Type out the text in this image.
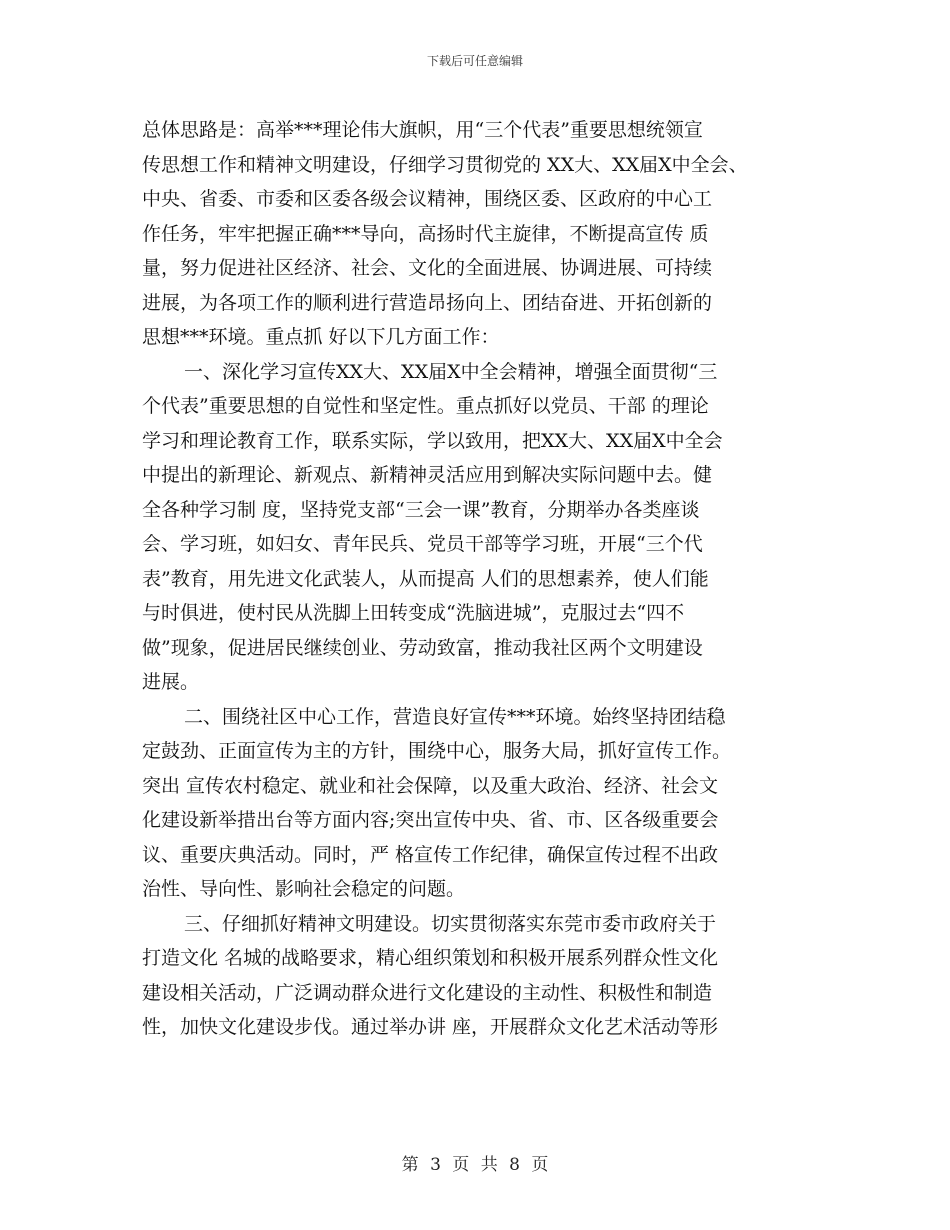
下载后可任意编辑
总体思路是：高举***理论伟大旗帜，用“三个代表”重要思想统领宣
传思想工作和精神文明建设，仔细学习贯彻党的 XX大、XX届X中全会、
中央、省委、市委和区委各级会议精神，围绕区委、区政府的中心工
作任务，牢牢把握正确***导向，高扬时代主旋律，不断提高宣传 质
量，努力促进社区经济、社会、文化的全面进展、协调进展、可持续
进展，为各项工作的顺利进行营造昂扬向上、团结奋进、开拓创新的
思想***环境。重点抓 好以下几方面工作：
一、深化学习宣传XX大、XX届X中全会精神，增强全面贯彻“三
个代表”重要思想的自觉性和坚定性。重点抓好以党员、干部 的理论
学习和理论教育工作，联系实际，学以致用，把XX大、XX届X中全会
中提出的新理论、新观点、新精神灵活应用到解决实际问题中去。健
全各种学习制 度，坚持党支部“三会一课”教育，分期举办各类座谈
会、学习班，如妇女、青年民兵、党员干部等学习班，开展“三个代
表”教育，用先进文化武装人，从而提高 人们的思想素养，使人们能
与时俱进，使村民从洗脚上田转变成“洗脑进城”，克服过去“四不
做”现象，促进居民继续创业、劳动致富，推动我社区两个文明建设
进展。
二、围绕社区中心工作，营造良好宣传***环境。始终坚持团结稳
定鼓劲、正面宣传为主的方针，围绕中心，服务大局，抓好宣传工作。
突出 宣传农村稳定、就业和社会保障，以及重大政治、经济、社会文
化建设新举措出台等方面内容;突出宣传中央、省、市、区各级重要会
议、重要庆典活动。同时，严 格宣传工作纪律，确保宣传过程不出政
治性、导向性、影响社会稳定的问题。
三、仔细抓好精神文明建设。切实贯彻落实东莞市委市政府关于
打造文化 名城的战略要求，精心组织策划和积极开展系列群众性文化
建设相关活动，广泛调动群众进行文化建设的主动性、积极性和制造
性，加快文化建设步伐。通过举办讲 座，开展群众文化艺术活动等形
第 3 页 共 8 页
